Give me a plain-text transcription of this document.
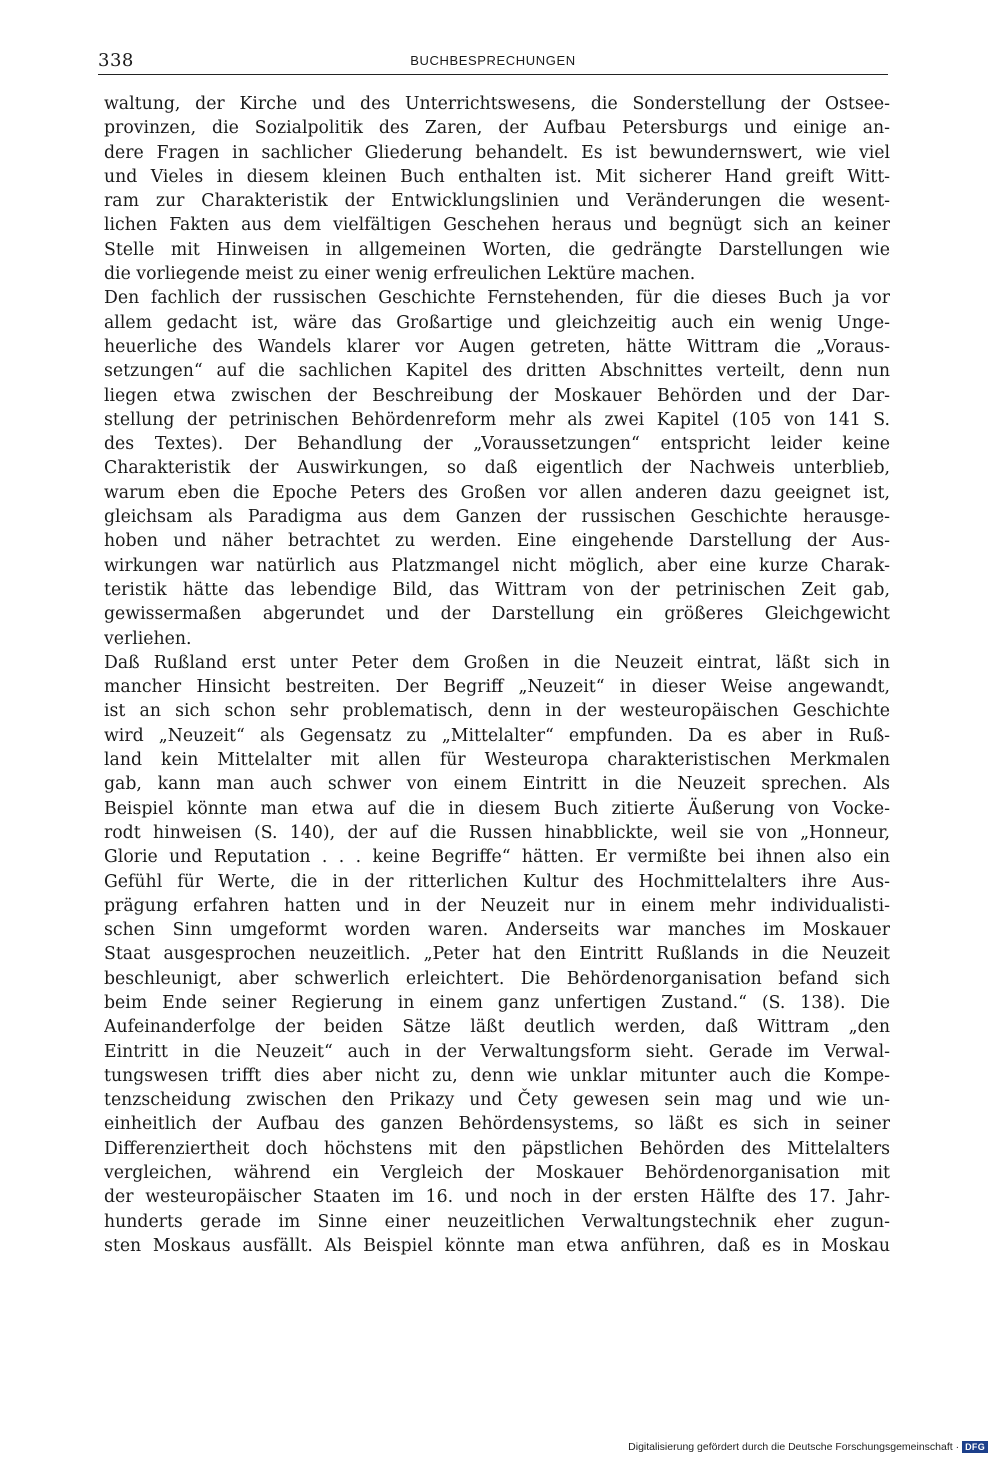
338	BUCHBESPRECHUNGEN
waltung, der Kirche und des Unterrichtswesens, die Sonderstellung der Ostsee-
provinzen, die Sozialpolitik des Zaren, der Aufbau Petersburgs und einige an-
dere Fragen in sachlicher Gliederung behandelt. Es ist bewundernswert, wie viel
und Vieles in diesem kleinen Buch enthalten ist. Mit sicherer Hand greift Witt-
ram zur Charakteristik der Entwicklungslinien und Veränderungen die wesent-
lichen Fakten aus dem vielfältigen Geschehen heraus und begnügt sich an keiner
Stelle mit Hinweisen in allgemeinen Worten, die gedrängte Darstellungen wie
die vorliegende meist zu einer wenig erfreulichen Lektüre machen.
Den fachlich der russischen Geschichte Fernstehenden, für die dieses Buch ja vor
allem gedacht ist, wäre das Großartige und gleichzeitig auch ein wenig Unge-
heuerliche des Wandels klarer vor Augen getreten, hätte Wittram die „Voraus-
setzungen“ auf die sachlichen Kapitel des dritten Abschnittes verteilt, denn nun
liegen etwa zwischen der Beschreibung der Moskauer Behörden und der Dar-
stellung der petrinischen Behördenreform mehr als zwei Kapitel (105 von 141 S.
des Textes). Der Behandlung der „Voraussetzungen“ entspricht leider keine
Charakteristik der Auswirkungen, so daß eigentlich der Nachweis unterblieb,
warum eben die Epoche Peters des Großen vor allen anderen dazu geeignet ist,
gleichsam als Paradigma aus dem Ganzen der russischen Geschichte herausge-
hoben und näher betrachtet zu werden. Eine eingehende Darstellung der Aus-
wirkungen war natürlich aus Platzmangel nicht möglich, aber eine kurze Charak-
teristik hätte das lebendige Bild, das Wittram von der petrinischen Zeit gab,
gewissermaßen abgerundet und der Darstellung ein größeres Gleichgewicht
verliehen.
Daß Rußland erst unter Peter dem Großen in die Neuzeit eintrat, läßt sich in
mancher Hinsicht bestreiten. Der Begriff „Neuzeit“ in dieser Weise angewandt,
ist an sich schon sehr problematisch, denn in der westeuropäischen Geschichte
wird „Neuzeit“ als Gegensatz zu „Mittelalter“ empfunden. Da es aber in Ruß-
land kein Mittelalter mit allen für Westeuropa charakteristischen Merkmalen
gab, kann man auch schwer von einem Eintritt in die Neuzeit sprechen. Als
Beispiel könnte man etwa auf die in diesem Buch zitierte Äußerung von Vocke-
rodt hinweisen (S. 140), der auf die Russen hinabblickte, weil sie von „Honneur,
Glorie und Reputation . . . keine Begriffe“ hätten. Er vermißte bei ihnen also ein
Gefühl für Werte, die in der ritterlichen Kultur des Hochmittelalters ihre Aus-
prägung erfahren hatten und in der Neuzeit nur in einem mehr individualisti-
schen Sinn umgeformt worden waren. Anderseits war manches im Moskauer
Staat ausgesprochen neuzeitlich. „Peter hat den Eintritt Rußlands in die Neuzeit
beschleunigt, aber schwerlich erleichtert. Die Behördenorganisation befand sich
beim Ende seiner Regierung in einem ganz unfertigen Zustand.“ (S. 138). Die
Aufeinanderfolge der beiden Sätze läßt deutlich werden, daß Wittram „den
Eintritt in die Neuzeit“ auch in der Verwaltungsform sieht. Gerade im Verwal-
tungswesen trifft dies aber nicht zu, denn wie unklar mitunter auch die Kompe-
tenzscheidung zwischen den Prikazy und Čety gewesen sein mag und wie un-
einheitlich der Aufbau des ganzen Behördensystems, so läßt es sich in seiner
Differenziertheit doch höchstens mit den päpstlichen Behörden des Mittelalters
vergleichen, während ein Vergleich der Moskauer Behördenorganisation mit
der westeuropäischer Staaten im 16. und noch in der ersten Hälfte des 17. Jahr-
hunderts gerade im Sinne einer neuzeitlichen Verwaltungstechnik eher zugun-
sten Moskaus ausfällt. Als Beispiel könnte man etwa anführen, daß es in Moskau
Digitalisierung gefördert durch die Deutsche Forschungsgemeinschaft · DFG
